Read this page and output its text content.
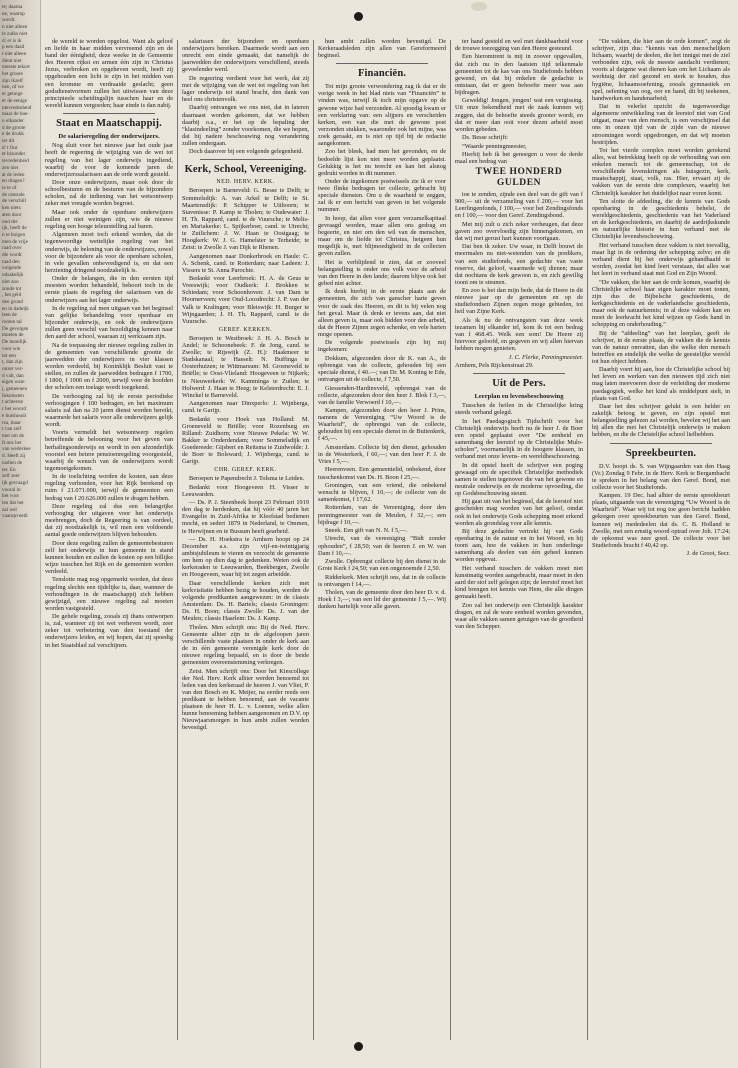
te; daarna
ne, waarop
wordt.
n niet alleen
te zulks niet
d; er is ik
p een daad
t niet alleen
dient niet
meeste tekort
het groote
zijn ikzelf
nen, of we
er getuige
er de eenige
ntevredenheid
maar de hoe-
n elkander
d de groote
e de drukk
ter dit
d' t Our
et bizonder
tevredenheid
zen niet
at de leden
en dragen?
ie te of
de centrale
de verschill
ken niets
aten door
ond der
ijk, heeft de
n te buigen
men de vrije
raad over
die wordt
raad den
volgende
odsakelijk
niet zoo
zonde tot
, het geld
den grond
en in dadeljk
leen de
rooten tal
De gevolgen
moeten de
De moeilijk
voor wie
tot een
t, dan zijn
onzer ver-
d valt, dan
eigen ware
j, gemeenen
Inkomsten
t achterste
r het woord
e huishoudi
rsa, maar
t van zelf
met om de
ft ons het
van wederkee
d. Heeft zij
nadien de
ter. En
zelf zeer
ijk gevraagd
vooral in
het voor
ien dat het
zal wel
vaaropvoedi

de wereld te worden opgelost. Want als geloof en liefde in haar midden vervreemd zijn en de band der éénigheid, deze weeke in de Gemeente des Heeren rijkst en armen één zijn in Christus Jezus, verbroken en opgeheven wordt, heeft zij opgehouden een licht te zijn in het midden van een kromme en verdraaide geslacht; geen godsdienstvormen zullen het uitwissen van deze principieele scheidingslijn tusschen haar en de wereld kunnen vergoeden; haar einde is dan nabij.

Staat en Maatschappij.
De salarisregeling der onderwijzers.

Nog sluit voor het nieuwe jaar het oude jaar heeft de regeering de wijziging van de wet tot regeling van het lager onderwijs ingediend, waarbij de voor de komende jaren de onderwijzerssalarissen aan de orde wordt gesteld.

Door onze onderwijzers, maar ook door de schoolbesturen en de besturen van de bijzondere scholen, zal de indiening van het wetsontwerp zeker met vreugde worden begroet.

Maar ook onder de openbare onderwijzers zullen er niet weinigen zijn, wie de nieuwe regeling een hooge teleurstelling zal baren.

Algemeen moet toch erkend worden, dat de tegenwoordige wettelijke regeling van het onderwijs, de beloning van de onderwijzers, zowel voor de bijzondere als voor de openbare scholen, in vele gevallen onbevredigend is, en dat een herziening dringend noodzakelijk is.

Onder de belangen, die in den eersten tijd moesten worden behandeld, behoort toch in de eerste plaats de regeling der salarissen van de onderwijzers aan het lager onderwijs.

In de regeling zal men uitgaan van het beginsel van gelijke behandeling voor openbaar en bijzonder onderwijs, en ook de onderwijzers zullen geen verschil van bezoldiging kennen naar den aard der school, waaraan zij werkzaam zijn.

Na de toepassing der nieuwe regeling zullen in de gemeenten van verschillende grootte de jaarwedden der onderwijzers in vier klassen worden verdeeld, bij Koninklijk Besluit vast te stellen, en zullen de jaarwedden bedragen f 1700, f 1800, f 1900 en f 2000, terwijl voor de hoofden der scholen een toelage wordt toegekend.

De verhooging zal bij de eerste periodieke verhoogingen f 100 bedragen, en het maximum salaris zal dan na 20 jaren dienst worden bereikt, waarmede het salaris voor alle onderwijzers gelijk wordt.

Voorts vermeldt het wetsontwerp regelen betreffende de belooning voor het geven van herhalingsonderwijs en wordt in een afzonderlijk voorstel een betere pensioenregeling voorgesteld, waarbij de wensch van de onderwijzers wordt tegemoetgekomen.

In de toelichting worden de kosten, aan deze regeling verbonden, voor het Rijk berekend op ruim f 21.071.000, terwijl de gemeenten een bedrag van f 20.626.000 zullen te dragen hebben.

Deze regeling zal dus een belangrijke verhooging der uitgaven voor het onderwijs meebrengen, doch de Regeering is van oordeel, dat zij noodzakelijk is, wil men een voldoende aantal goede onderwijzers blijven behouden.

Door deze regeling zullen de gemeentebesturen zelf het onderwijs in hun gemeente in stand kunnen houden en zullen de kosten op een billijke wijze tusschen het Rijk en de gemeenten worden verdeeld.

Tenslotte mag nog opgemerkt worden, dat deze regeling slechts een tijdelijke is, daar, wanneer de verhoudingen in de maatschappij zich hebben gewijzigd, een nieuwe regeling zal moeten worden vastgesteld.

De gehele regeling, zooals zij thans ontworpen is, zal, wanneer zij tot wet verheven wordt, zeer zeker tot verbetering van den toestand der onderwijzers leiden, en wij hopen, dat zij spoedig in het Staatsblad zal verschijnen.

salarissen der bijzondere en openbare onderwijzers bereiken. Daarmede wordt aan een onrecht een einde gemaakt, dat namelijk de jaarwedden der onderwijzers verschillend, steeds gevoelender werd.

De regeering verdient voor het werk, dat zij met de wijziging van de wet tot regeling van het lager onderwijs tot stand bracht, den dank van heel ons christenvolk.

Daarbij ontvangen we ons niet, dat in lateren daarnaast worden gekomen, dat we hebben daarbij o.a., er het op de bepaling der “klasindeeling” zonder voorkomen, die we hopen, dat bij nadere beschouwing nog verandering zullen ondergaan.

Doch daarover bij een volgende gelegenheid.

Kerk, School, Vereeniging.
NED. HERV. KERK.

Beroepen te Barneveld: G. Besse te Delft; te Sommelsdijk: A. van Arkel te Delft; te St. Maartensdijk: P. Schipper te Uithoorn; te Stavenisse: P. Kamp te Tholen; te Oudewater: J. H. Th. Rappard, cand. te de Vuursche; te Melis- en Mariakerke: L. Spijkerboer, cand. te Utrecht; te Zuilichem: J. W. Haan te Oostgaag; te Hoogkerk: W. J. G. Hamelster te Terheide; te Zeist: te Zwolle J. van Dijk te Rhenen.

Aangenomen naar Donkerbroek en Haule: C. A. Schenk, cand. te Rotterdam; naar Ladeen: J. Vissers te St. Anna Parochie.

Bedankt voor Leerbroek: H. A. de Geus te Vreeswijk; voor Oudkerk: J. Brokken te Schiedam; voor Schoonhoven: J. van Dam te Hoornerveen; voor Oud-Loosdrecht: J. P. van der Valk te Kralingen; voor Bleiswijk: H. Burger te Wijngaarden; J. H. Th. Rappard, cand. te de Vuursche.

GEREF. KERKEN.

Beroepen te Westbroek: J. H. A. Bosch te Andel; te Schoonebeek: F. de Jong, cand. te Zwolle; te Rijswijk (Z. H.): Haakmeer te Stadskanaal; te Hasselt: N. Buffinga te Oosterhuizen; te Wittmarsum: M. Groeneveld te Briëlle; te Oost-Vlieland: Hoogeveen te Nijkerk; te Nieuwerkerk: W. Kamminga te Zuilen; te Holwerd: J. Haan te Heeg; te Kelsterdrecht: E. J. Winckel te Barneveld.

Aangenomen naar Dinxperlo: J. Wijnberga, cand. te Garijp.

Bedankt voor Hoek van Holland: M. Groeneveld te Briëlle; voor Rozenburg en Rilland: Zuidhorn; voor Nieuwe Pekela: W. W. Bakker te Onderdendam; voor Sommelsdijk en Goedereede: Gijsbert en Reitsma te Zuidwolde: J. de Boer te Bolsward; J. Wijnberga, cand. te Garijp.

CHR. GEREF. KERK.

Beroepen te Papendrecht J. Tolsma te Leiden.

Bedankt voor Hoogeveen H. Visser te Leeuwarden.

— Ds. P. J. Steenbeek hoopt 23 Februari 1919 den dag te herdenken, dat hij vóór 40 jaren het Evangelie in Zuid-Afrika te Kleefstad bedienen mocht, en sedert 1879 in Nederland, te Ommen, te Herwijnen en te Bussum heeft gearbeid.

— Ds. H. Hoekstra te Arnhem hoopt op 24 December a.s. zijn vijf-en-twintigjarig ambtsjubileum te vieren en verzocht de gemeente om hem op dien dag te gedenken. Weten ook de kerkeraden te Leeuwarden, Beekbergen, Zwolle en Hoogeveen, waar hij tot zegen arbeidde.

Daar verschillende kerken zich met kerkvisitatie hebben bezig te houden, werden de volgende predikanten aangewezen: in de classis Amsterdam: Ds. H. Bartels; classis Groningen: Ds. H. Boon; classis Zwolle: Ds. J. van der Meulen; classis Haarlem: Ds. J. Kamp.

Tholen. Men schrijft ons: Bij de Ned. Herv. Gemeente alhier zijn in de afgeloopen jaren verschillende vaste plaatsen in onder de kerk aan de in één gemeente verenigde kerk door de nieuwe regeling bepaald, en is door de beide gemeenten overeenstemming verkregen.

Zeist. Men schrijft ons: Door het Kiescollege der Ned. Herv. Kerk alhier werden benoemd tot leden van den kerkeraad de heeren J. van Vliet, P. van den Bosch en K. Meijer, na eerder reeds een predikant te hebben benoemd, aan de vacante plaatsen de heer H. L. v. Loenen, welke allen hunne benoeming hebben aangenomen en D.V. op Nieuwjaarsmorgen in hun ambt zullen worden bevestigd.

hun ambt zullen worden bevestigd. De Kerkeraadsleden zijn allen van Gereformeerd beginsel.

Financiën.

Tot mijn groote verwondering zag ik dat er de vorige week in het blad niets van “Financiën” te vinden was, terwijl ik toch mijn opgave op de gewone wijze had verzonden. Al spoedig kwam er een verklaring van: een slijpers en verscheiden kerken, een van die met de gewone post verzonden stukken, waaronder ook het mijne, was zoek geraakt, en is niet op tijd bij de redactie aangekomen.

Zoo het bleek, had men het gevonden, en de bedoelde lijst kon niet meer worden geplaatst. Gelukkig is het nu terecht en kan het alsnog gedrukt worden in dit nummer.

Onder de ingekomen postwissels zie ik er voor twee flinke bedragen ter collecte, gebracht bij speciale diensten. Om u de waarheid te zeggen, zal ik er een bericht van geven in het volgende nummer.

In hoop, dat allen voor geen verzamelkapitaal gevraagd worden, maar allen ons gedrag en begeerte, en niet om den wil van de menschen, maar om de liefde tot Christus, hetgeen hun mogelijk is, met blijmoedigheid in de collecten geven zullen.

Het is verblijdend te zien, dat er zooveel belangstelling is onder ons volk voor de arbeid van den Heere in den lande; daarom blijve ook het gebed niet achter.

Ik denk hierbij in de eerste plaats aan de gemeenten, die zich van ganscher harte geven voor de zaak des Heeren, en dit is bij velen nog het geval. Maar ik denk er tevens aan, dat niet alleen geven is, maar ook bidden voor den arbeid, dat de Heere Zijnen zegen schenke, en vele harten moge openen.

De volgende postwissels zijn bij mij ingekomen:

Dokkum, afgezonden door de K. van A., de opbrengst van de collecte, gehouden bij een speciale dienst, f 40.—; van Dr. M. Koning te Ede, ontvangen uit de collecte, f 7,50.

Giessenden-Hardinxveld, opbrengst van de collecte, afgezonden door den heer J. Blok f 3,—, van de familie Verwoerd f 10,—.

Kampen, afgezonden door den heer J. Prins, namens de Vereeniging “Uw Woord is de Waarheid”, de opbrengst van de collecte, gehouden bij een speciale dienst in de Buitenkerk, f 45,—.

Amsterdam. Collecte bij den dienst, gehouden in de Westerkerk, f 60,—; van den heer F. J. de Vries f 5,—.

Heerenveen. Een gemeentelid, onbekend, door tusschenkomst van Ds. H. Boon f 25,—.

Groningen, van een vriend, die onbekend wenscht te blijven, f 10,—; de collecte van de samenkomst, f 17,62.

Rotterdam, van de Vereeniging, door den penningmeester van de Meulen, f 32,—; een bijdrage f 10,—.

Sneek. Een gift van N. N. f 5,—.

Utrecht, van de vereeniging “Bidt zonder ophouden”, f 28,50; van de heeren J. en W. van Dam f 10,—.

Zwolle. Opbrengst collecte bij den dienst in de Grote Kerk f 24,50; van een ongenoemde f 2,50.

Ridderkerk. Men schrijft ons, dat in de collecte is ontvangen f 14,—.

Tholen, van de gemeente door den heer D. v. d. Hoek f 3,—; van een lid der gemeente f 5,—. Wij danken hartelijk voor alle gaven.

ter hand gesteld en wel met dankbaarheid voor de trouwe toezegging van den Heere gesteund.

Een hieromtrent is mij in zoover opgevallen, dat zich nu in den laatsten tijd telkenmale gemeenten tot de kas van ons Studiefonds hebben gewend, en dat bij enkelen de gedachte is ontstaan, dat er geen behoefte meer was aan bijdragen.

Geweldig! Jongen, jongen! wat een vergissing. Uit onze bekendheid met de zaak kunnen wij zeggen, dat de behoefte steeds grooter wordt, en dat er meer dan ooit voor dezen arbeid moet worden gebeden.

Ds. Besse schrijft:

“Waarde penningmeester,

Hierbij heb ik het genoegen u voor de derde maal een bedrag van

TWEE HONDERD GULDEN

toe te zenden, zijnde een deel van de gift van f 900,— uit de verzameling van f 200,— voor het Leerlingenfonds, f 100,— voor het Zendingsfonds en f 100,— voor den Geref. Zendingsbond.

Met mij zult u zich zeker verheugen, dat deze gaven zoo overvloedig zijn binnengekomen, en dat wij met gerust hart kunnen voortgaan.

Dat ben ik zeker. Uw waar, in Delft bouwt de meermalen nu niet-wetenden van de predikers, van een studiefonds, een gedachte van vaste reserve, dat geloof, waarmede wij dienen; maar dat nochtans de kerk gewoon is, en zich gewillig toont om te steunen.

En zoo is het dan mijn bede, dat de Heere in dit nieuwe jaar op de gemeenten en op de studiefondsen Zijnen zegen moge gebieden, tot heil van Zijne Kerk.

Als ik nu de ontvangsten van deze week tezamen bij elkander tel, kom ik tot een bedrag van f 468.45. Welk een som! De Heere zij hiervoor geloofd, en gegeven en wij allen hiervan hebben mogen genieten.

J. C. Flerke, Penningmeester.

Arnhem, Pels Rijckenstraat 29.

Uit de Pers.
Leerplan en levensbeschouwing

Tusschen de heilen in de Christelijke kring steeds verband gelegd.

In het Paedagogisch Tijdschrift voor het Christelijk onderwijs heeft nu de heer J. de Boer een opstel geplaatst over “De eenheid en samenhang der leerstof op de Christelijke Mulo-scholen”, voornamelijk in de hoogere klassen, in verband met onze levens- en wereldbeschouwing.

In dit opstel heeft de schrijver een poging gewaagd om de specifiek Christelijke methodiek samen te stellen tegenover die van het gewone en neutrale onderwijs en de moderne opvoeding, die op Godsbeschouwing steunt.

Hij gaat uit van het beginsel, dat de leerstof niet gescheiden mag worden van het geloof, omdat ook in het onderwijs Gods schepping moet erkend worden als grondslag voor alle kennis.

Bij deze gedachte vertrekt hij van Gods openbaring in de natuur en in het Woord, en hij toont aan, hoe de vakken in hun onderlinge samenhang als deelen van één geheel kunnen worden opgevat.

Het verband tusschen de vakken moet niet kunstmatig worden aangebracht, maar moet in den aard der stof zelf gelegen zijn; de leerstof moet het kind brengen tot kennis van Hem, die alle dingen gemaakt heeft.

Zoo zal het onderwijs een Christelijk karakter dragen, en zal de ware eenheid worden gevonden, waar alle vakken samen getuigen van de grootheid van den Schepper.

“De vakken, die hier aan de orde komen”, zegt de schrijver, zijn dus: “kennis van den menschelijken lichaam, waarbij de deelen, die het innigst met de ziel verbonden zijn, ook de meeste aandacht verdienen; voorts al datgene wat dienen kan om het Lichaam als werktuig der ziel gezond en sterk te houden, dus hygiëne, lichaamsoefening, zooals gymnastiek en spel, oefening van oog, oor en hand, dit bij teekenen, handwerken en handenarbeid;

Dat in velerlei opzicht de tegenwoordige algemeene ontwikkeling van de leerstof niet van God uitgaat, maar van den mensch, is een verschijnsel dat ons in onzen tijd van de zijde van de nieuwe stroomingen wordt opgedrongen, en dat wij moeten bestrijden.

Tot het vierde complex moet worden gerekend alles, wat betrekking heeft op de verhouding van een enkelen mensch tot de gemeenschap, tot de verschillende levenskringen als huisgezin, kerk, maatschappij, staat, volk, ras. Hier, ervaart zij de vakken van de eerste drie complexen, waarbij het Christelijk karakter het duidelijkst naar voren komt.

Ten slotte de afdeeling, die de kennis van Gods openbaring in de geschiedenis behelst, de wereldgeschiedenis, geschiedenis van het Vaderland en de kerkgeschiedenis, en daarbij de aardrijkskunde en natuurlijke historie in hun verband met de Christelijke levensbeschouwing.

Het verband tusschen deze vakken is niet toevallig, maar ligt in de ordening der schepping zelve; en dit verband dient bij het onderwijs gehandhaafd te worden, zoodat het kind leert verstaan, dat alles wat het leert in verband staat met God en Zijn Woord.

“De vakken, die hier aan de orde komen, waarbij de Christelijke school haar eigen karakter moet tonen, zijn dus de Bijbelsche geschiedenis, de kerkgeschiedenis en de vaderlandsche geschiedenis, maar ook de natuurkennis; in al deze vakken kan en moet de leerkracht het kind wijzen op Gods hand in schepping en onderhouding.”

Bij de “afdeeling” van het leerplan, geeft de schrijver, in de eerste plaats, de vakken die de kennis van de natuur omvatten, dan die welke den mensch betreffen en eindelijk die welke de geestelijke wereld tot hun object hebben.

Daarbij voert hij aan, hoe de Christelijke school bij het leven en werken van den nieuwen tijd zich niet mag laten meevoeren door de verleiding der moderne paedagogiek, welke het kind als middelpunt stelt, in plaats van God.

Daar het den schrijver gelukt is een helder en zakelijk betoog te geven, en zijn opstel met belangstelling gelezen zal worden, bevelen wij het aan bij allen die met het Christelijk onderwijs te maken hebben, en die de Christelijke school liefhebben.

Spreekbeurten.

D.V. hoopt ds. S. van Wijngaarden van den Haag (Vr.) Zondag 9 Febr. in de Herv. Kerk te Bergambacht te spreken in het belang van den Geref. Bond, met collecte voor het Studiefonds.

Kampen. 19 Dec. had alhier de eerste spreekbeurt plaats, uitgaande van de vereeniging “Uw Woord is de Waarheid”. Waar wij tot nog toe geen bericht hadden gekregen over spreekbeurten van den Geref. Bond, kunnen wij mededeelen dat ds. C. B. Holland te Zwolle, met een ernstig woord optrad over Joh. 17:24; de opkomst was zeer goed. De collecte voor het Studiefonds bracht f 40,42 op.

J. de Groot, Secr.
